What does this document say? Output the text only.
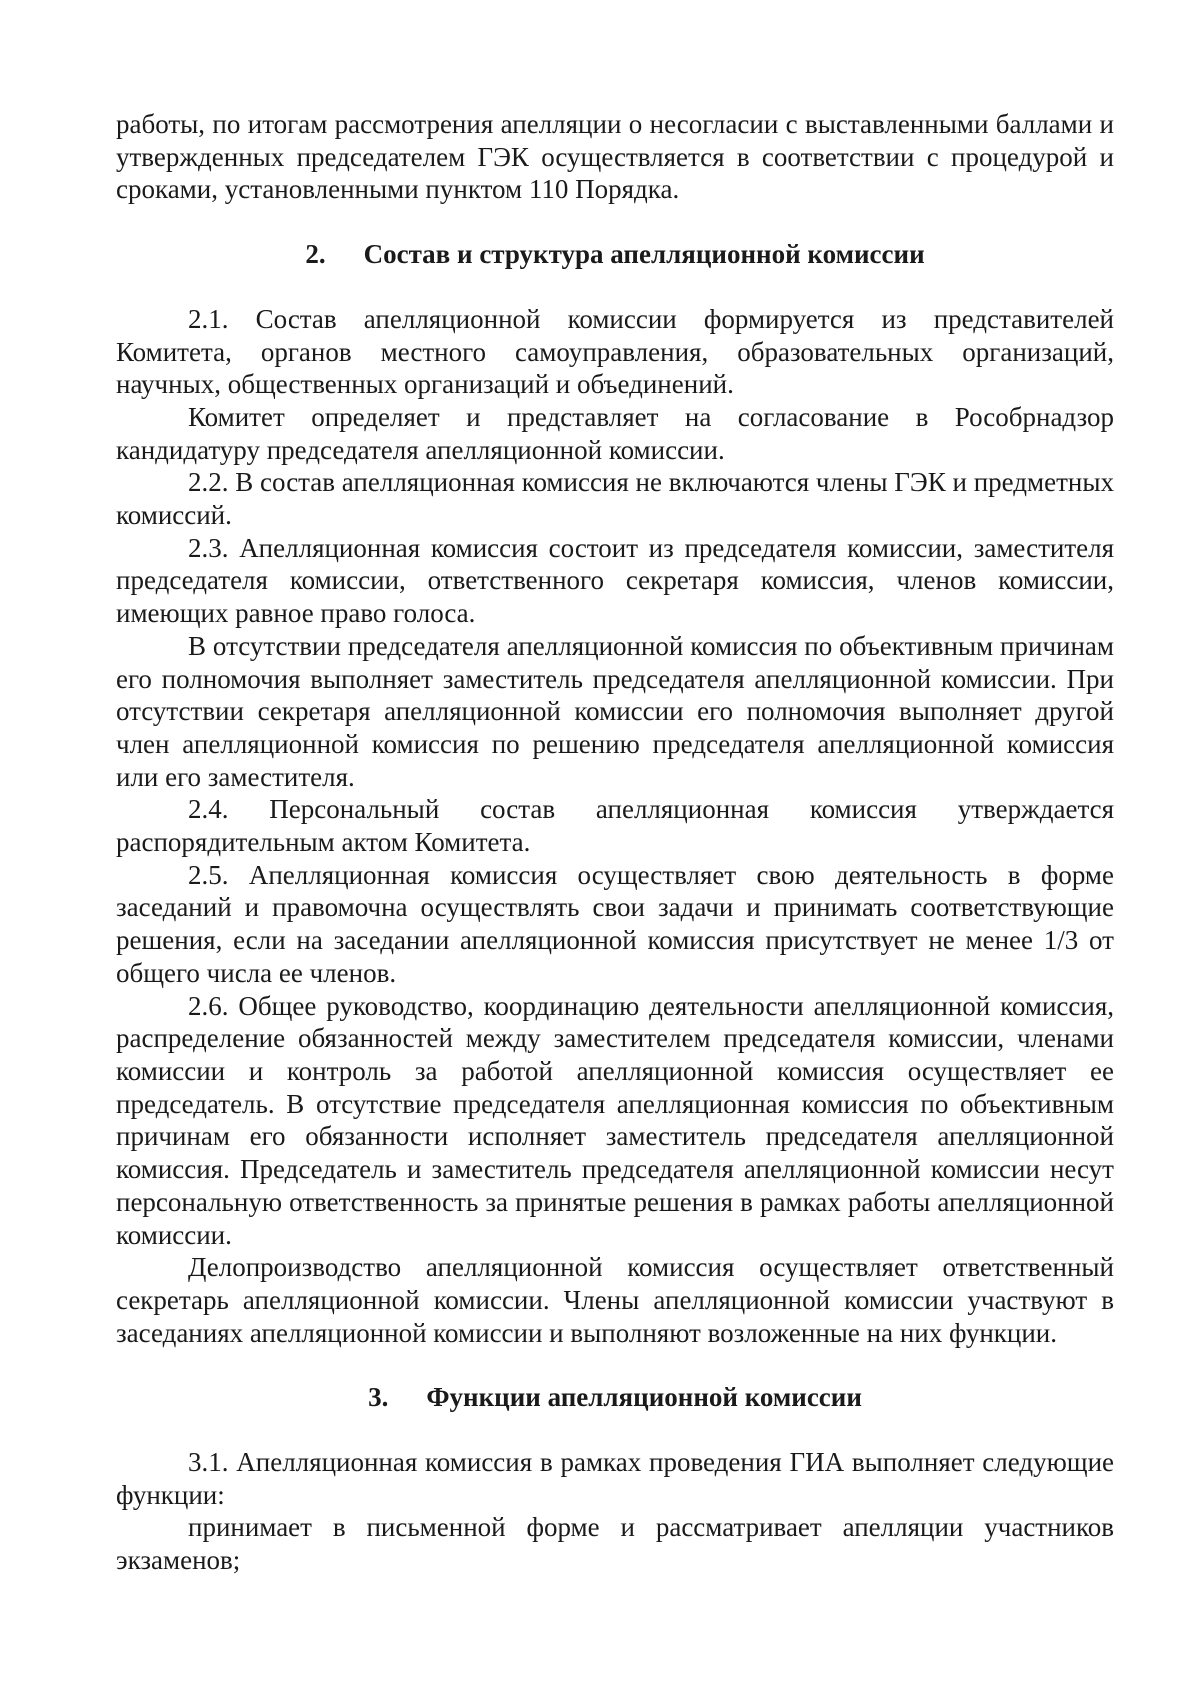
работы, по итогам рассмотрения апелляции о несогласии с выставленными баллами и утвержденных председателем ГЭК осуществляется в соответствии с процедурой и сроками, установленными пунктом 110 Порядка.

2. Состав и структура апелляционной комиссии

2.1. Состав апелляционной комиссии формируется из представителей Комитета, органов местного самоуправления, образовательных организаций, научных, общественных организаций и объединений.

Комитет определяет и представляет на согласование в Рособрнадзор кандидатуру председателя апелляционной комиссии.

2.2. В состав апелляционная комиссия не включаются члены ГЭК и предметных комиссий.

2.3. Апелляционная комиссия состоит из председателя комиссии, заместителя председателя комиссии, ответственного секретаря комиссия, членов комиссии, имеющих равное право голоса.

В отсутствии председателя апелляционной комиссия по объективным причинам его полномочия выполняет заместитель председателя апелляционной комиссии. При отсутствии секретаря апелляционной комиссии его полномочия выполняет другой член апелляционной комиссия по решению председателя апелляционной комиссия или его заместителя.

2.4. Персональный состав апелляционная комиссия утверждается распорядительным актом Комитета.

2.5. Апелляционная комиссия осуществляет свою деятельность в форме заседаний и правомочна осуществлять свои задачи и принимать соответствующие решения, если на заседании апелляционной комиссия присутствует не менее 1/3 от общего числа ее членов.

2.6. Общее руководство, координацию деятельности апелляционной комиссия, распределение обязанностей между заместителем председателя комиссии, членами комиссии и контроль за работой апелляционной комиссия осуществляет ее председатель. В отсутствие председателя апелляционная комиссия по объективным причинам его обязанности исполняет заместитель председателя апелляционной комиссия. Председатель и заместитель председателя апелляционной комиссии несут персональную ответственность за принятые решения в рамках работы апелляционной комиссии.

Делопроизводство апелляционной комиссия осуществляет ответственный секретарь апелляционной комиссии. Члены апелляционной комиссии участвуют в заседаниях апелляционной комиссии и выполняют возложенные на них функции.

3. Функции апелляционной комиссии

3.1. Апелляционная комиссия в рамках проведения ГИА выполняет следующие функции:

принимает в письменной форме и рассматривает апелляции участников экзаменов;
